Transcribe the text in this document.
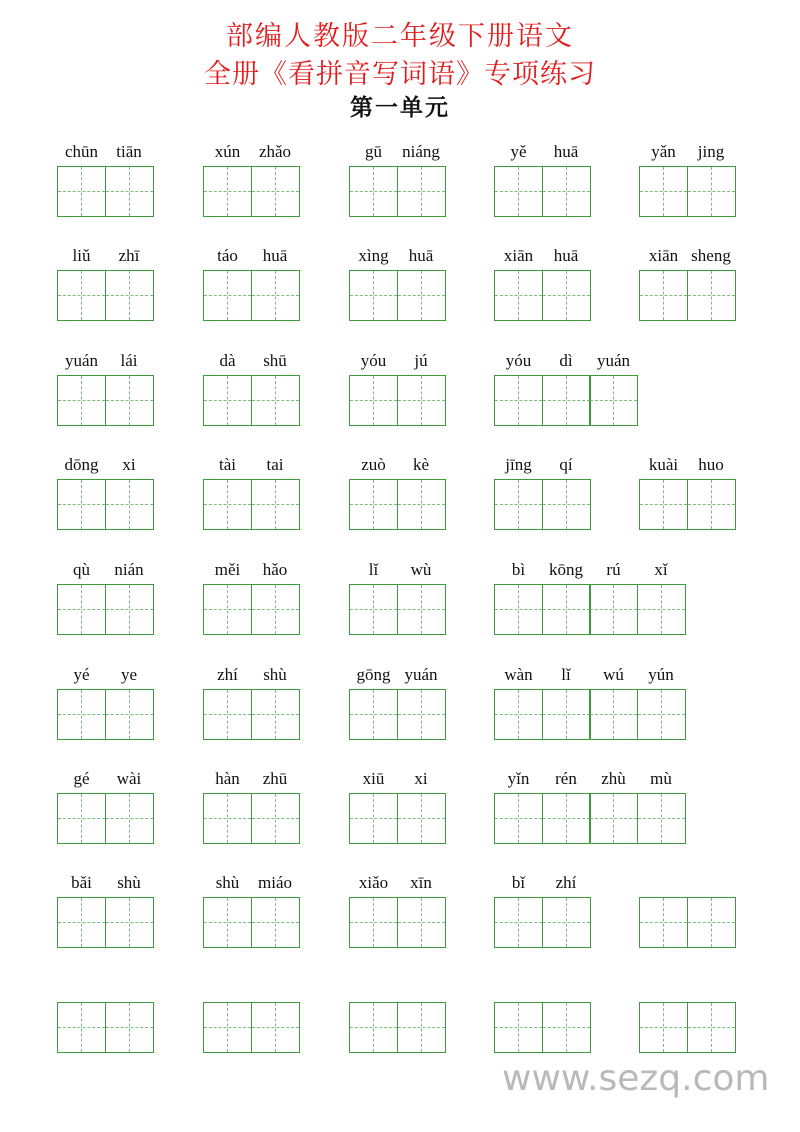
部编人教版二年级下册语文
全册《看拼音写词语》专项练习
第一单元
chūn	tiān	xún	zhǎo	gū	niáng	yě	huā	yǎn	jing
liǔ	zhī	táo	huā	xìng	huā	xiān	huā	xiān sheng
yuán	lái	dà	shū	yóu	jú	yóu	dì	yuán
dōng	xi	tài	tai	zuò	kè	jīng	qí	kuài	huo
qù	nián	měi	hǎo	lǐ	wù	bì	kōng	rú	xǐ
yé	ye	zhí	shù	gōng yuán	wàn	lǐ	wú	yún
gé	wài	hàn	zhū	xiū	xi	yǐn	rén	zhù	mù
bǎi	shù	shù	miáo	xiǎo	xīn	bǐ	zhí
www.sezq.com
